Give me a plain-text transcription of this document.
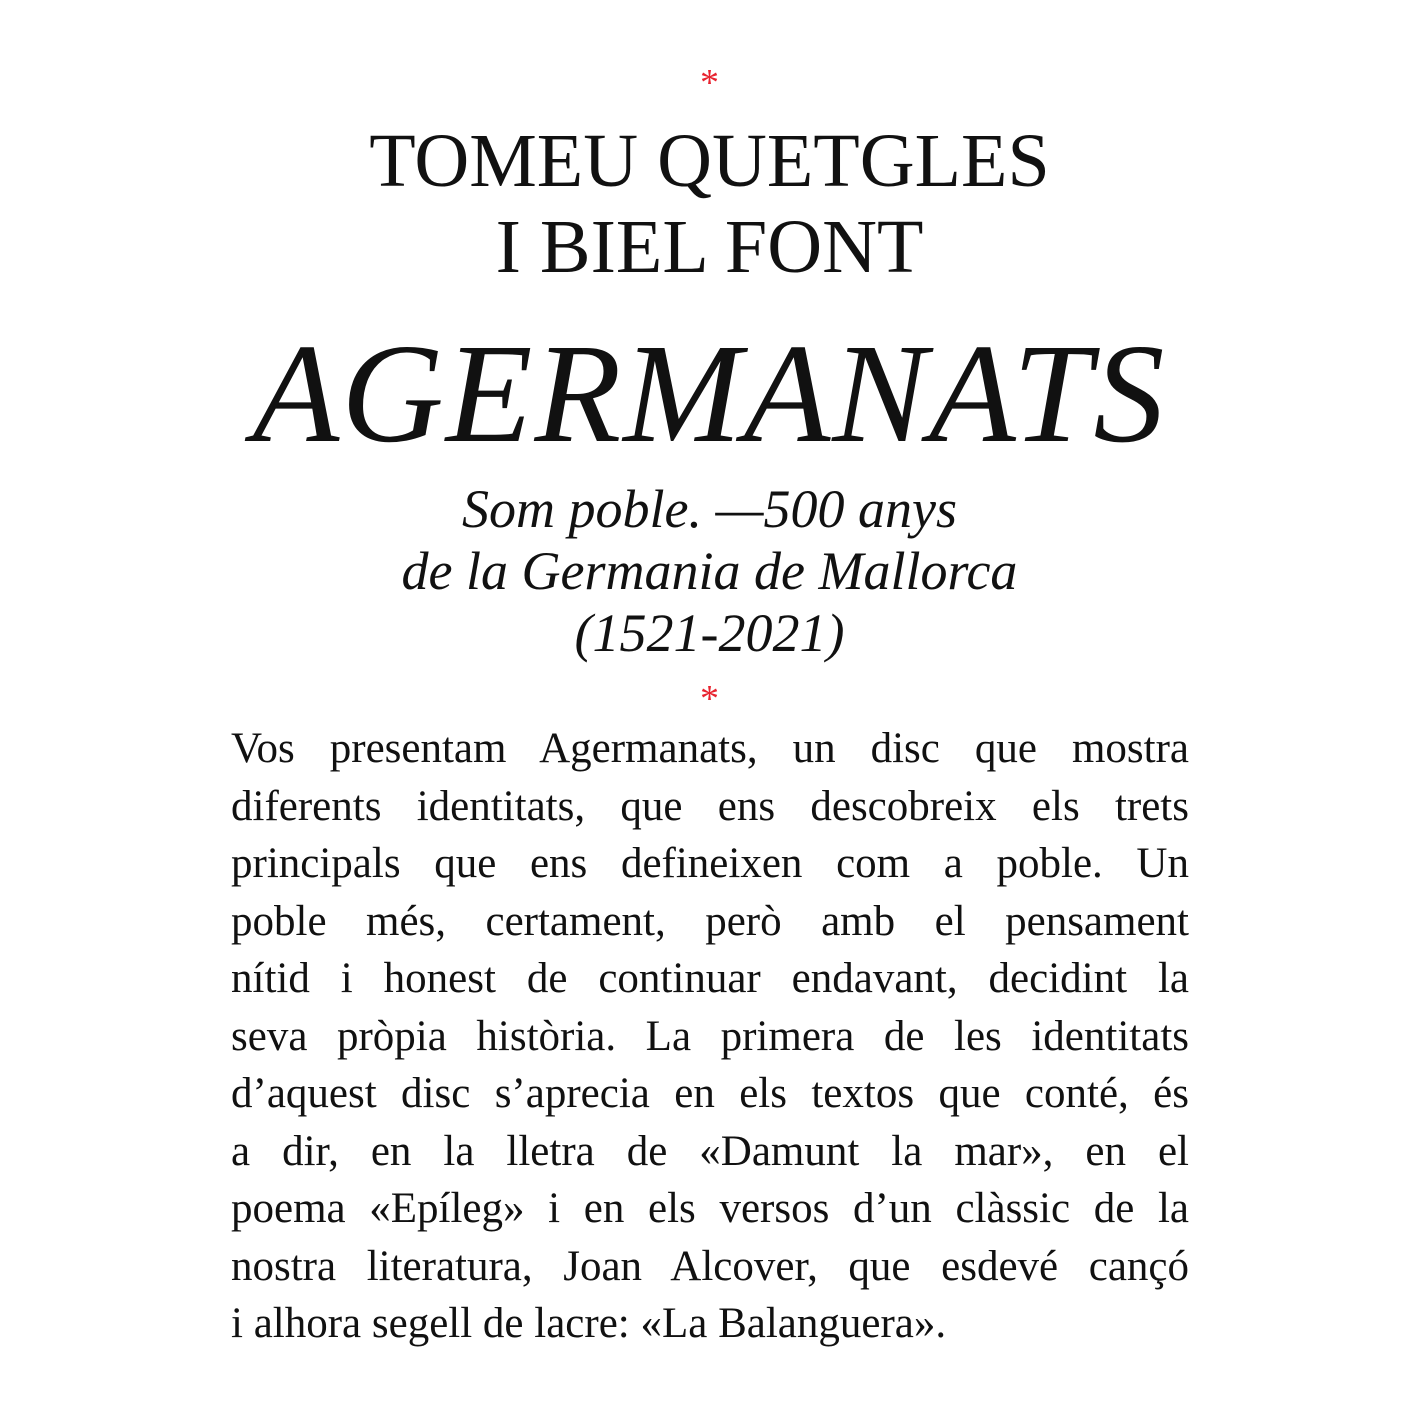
*
TOMEU QUETGLES
I BIEL FONT
AGERMANATS
Som poble. —500 anys
de la Germania de Mallorca
(1521-2021)
*
Vos presentam Agermanats, un disc que mostra
diferents identitats, que ens descobreix els trets
principals que ens defineixen com a poble. Un
poble més, certament, però amb el pensament
nítid i honest de continuar endavant, decidint la
seva pròpia història. La primera de les identitats
d’aquest disc s’aprecia en els textos que conté, és
a dir, en la lletra de «Damunt la mar», en el
poema «Epíleg» i en els versos d’un clàssic de la
nostra literatura, Joan Alcover, que esdevé cançó
i alhora segell de lacre: «La Balanguera».
